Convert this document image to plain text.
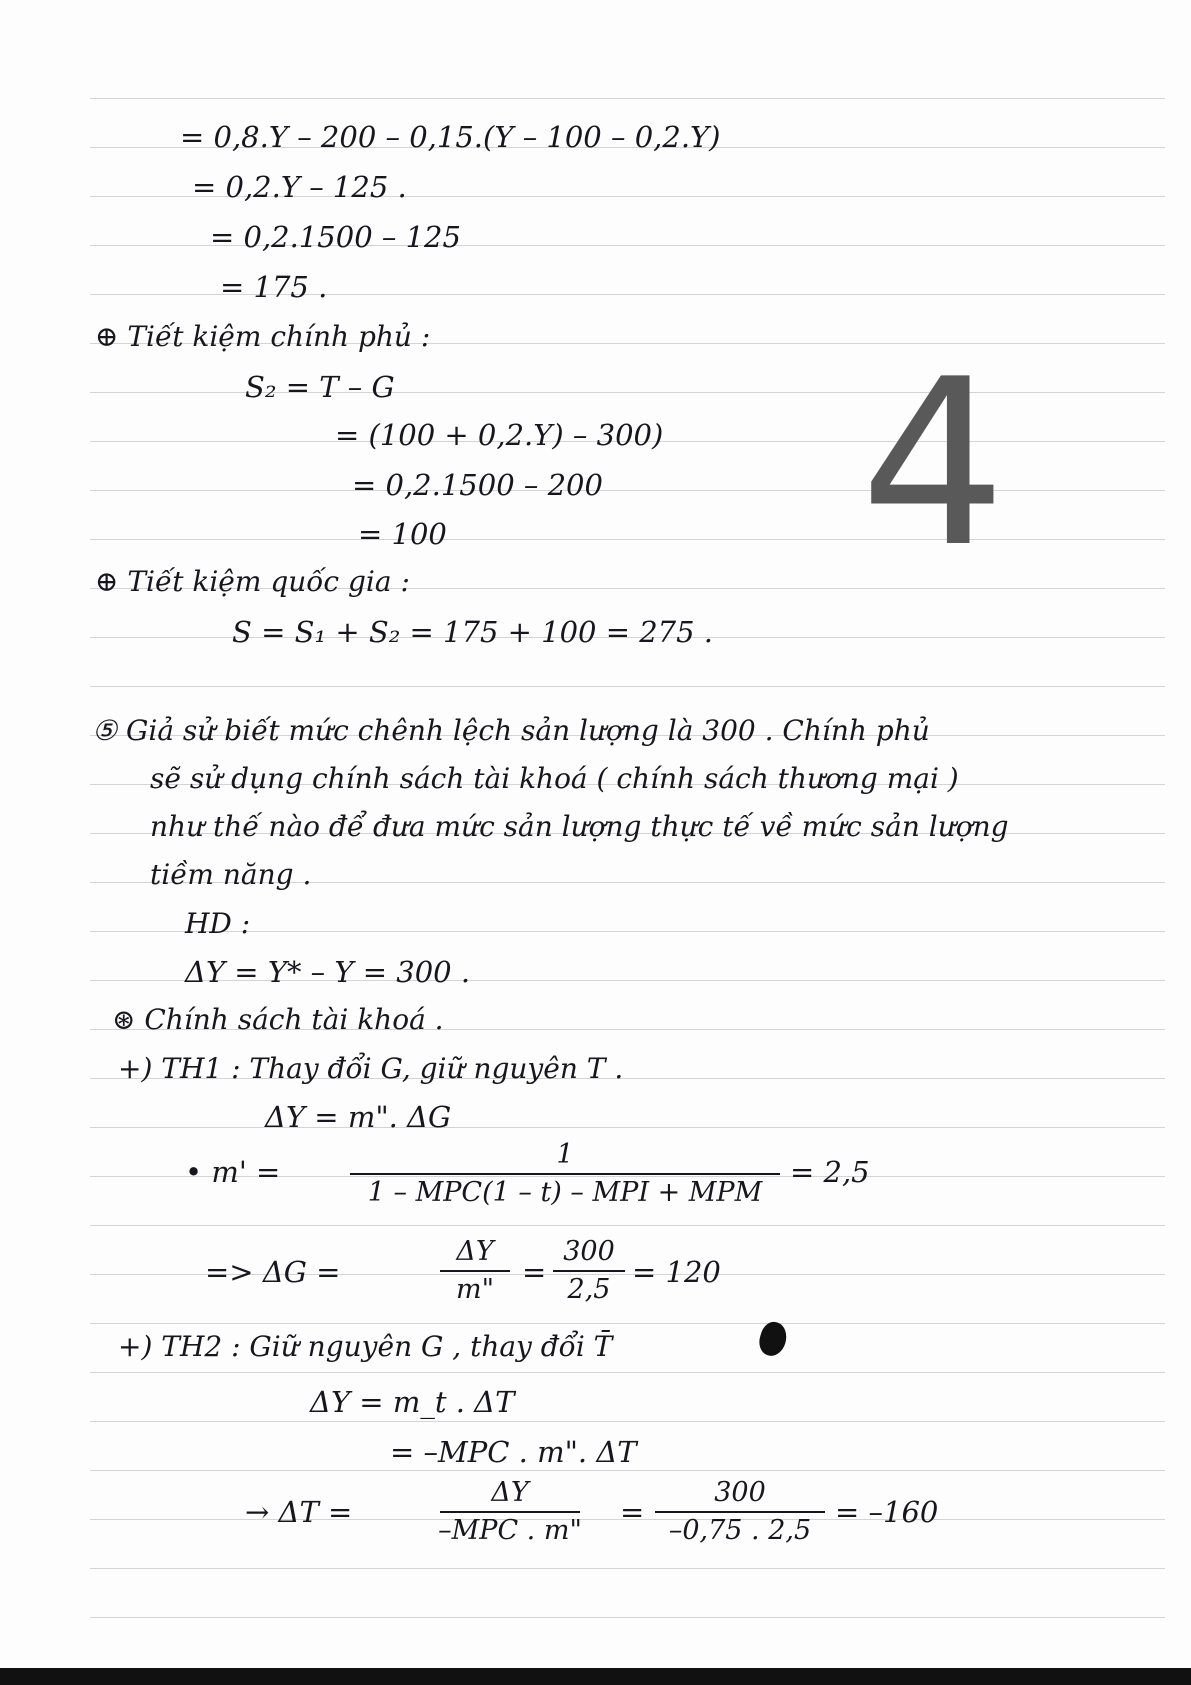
= 0,8.Y – 200 – 0,15.(Y – 100 – 0,2.Y)
= 0,2.Y – 125 .
= 0,2.1500 – 125
= 175 .
⊕ Tiết kiệm chính phủ :
S₂ = T – G
= (100 + 0,2.Y) – 300)
= 0,2.1500 – 200
= 100 4
⊕ Tiết kiệm quốc gia :
S = S₁ + S₂ = 175 + 100 = 275 .
⑤ Giả sử biết mức chênh lệch sản lượng là 300 . Chính phủ
sẽ sử dụng chính sách tài khoá ( chính sách thương mại )
như thế nào để đưa mức sản lượng thực tế về mức sản lượng
tiềm năng .
HD :
ΔY = Y* – Y = 300 .
⊛ Chính sách tài khoá .
+) TH1 : Thay đổi G, giữ nguyên T .
ΔY = m". ΔG
• m' =
1
1 – MPC(1 – t) – MPI + MPM
= 2,5
=> ΔG =
ΔY
m"
=
300
2,5
= 120
+) TH2 : Giữ nguyên G , thay đổi T̄
ΔY = m_t . ΔT
= –MPC . m". ΔT
→ ΔT =
ΔY
–MPC . m"
=
300
–0,75 . 2,5
= –160
